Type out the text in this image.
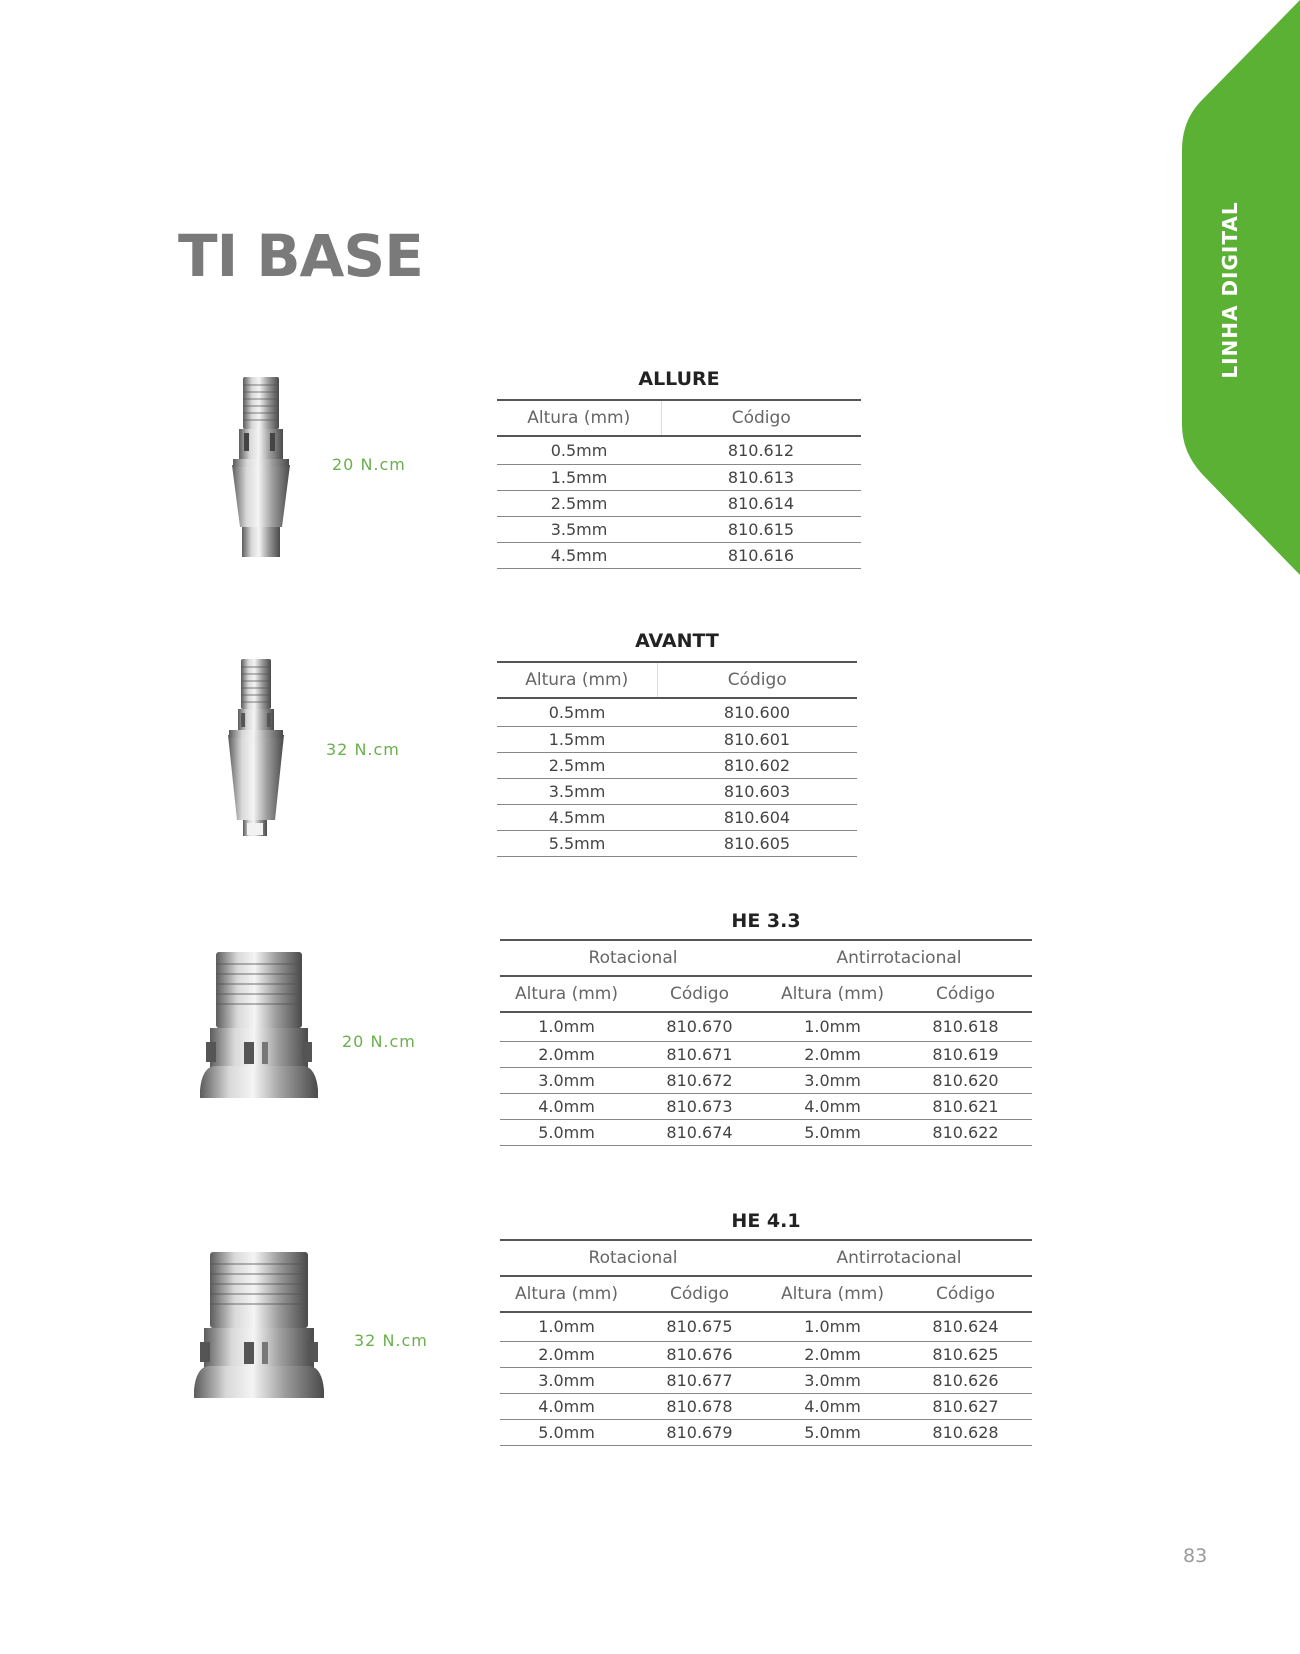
LINHA DIGITAL
TI BASE
20 N.cm
ALLURE
Altura (mm)	Código
0.5mm	810.612
1.5mm	810.613
2.5mm	810.614
3.5mm	810.615
4.5mm	810.616
32 N.cm
AVANTT
Altura (mm)	Código
0.5mm	810.600
1.5mm	810.601
2.5mm	810.602
3.5mm	810.603
4.5mm	810.604
5.5mm	810.605
20 N.cm
HE 3.3
Rotacional		Antirrotacional	
Altura (mm)	Código	Altura (mm)	Código
1.0mm	810.670	1.0mm	810.618
2.0mm	810.671	2.0mm	810.619
3.0mm	810.672	3.0mm	810.620
4.0mm	810.673	4.0mm	810.621
5.0mm	810.674	5.0mm	810.622
32 N.cm
HE 4.1
Rotacional		Antirrotacional	
Altura (mm)	Código	Altura (mm)	Código
1.0mm	810.675	1.0mm	810.624
2.0mm	810.676	2.0mm	810.625
3.0mm	810.677	3.0mm	810.626
4.0mm	810.678	4.0mm	810.627
5.0mm	810.679	5.0mm	810.628
83
